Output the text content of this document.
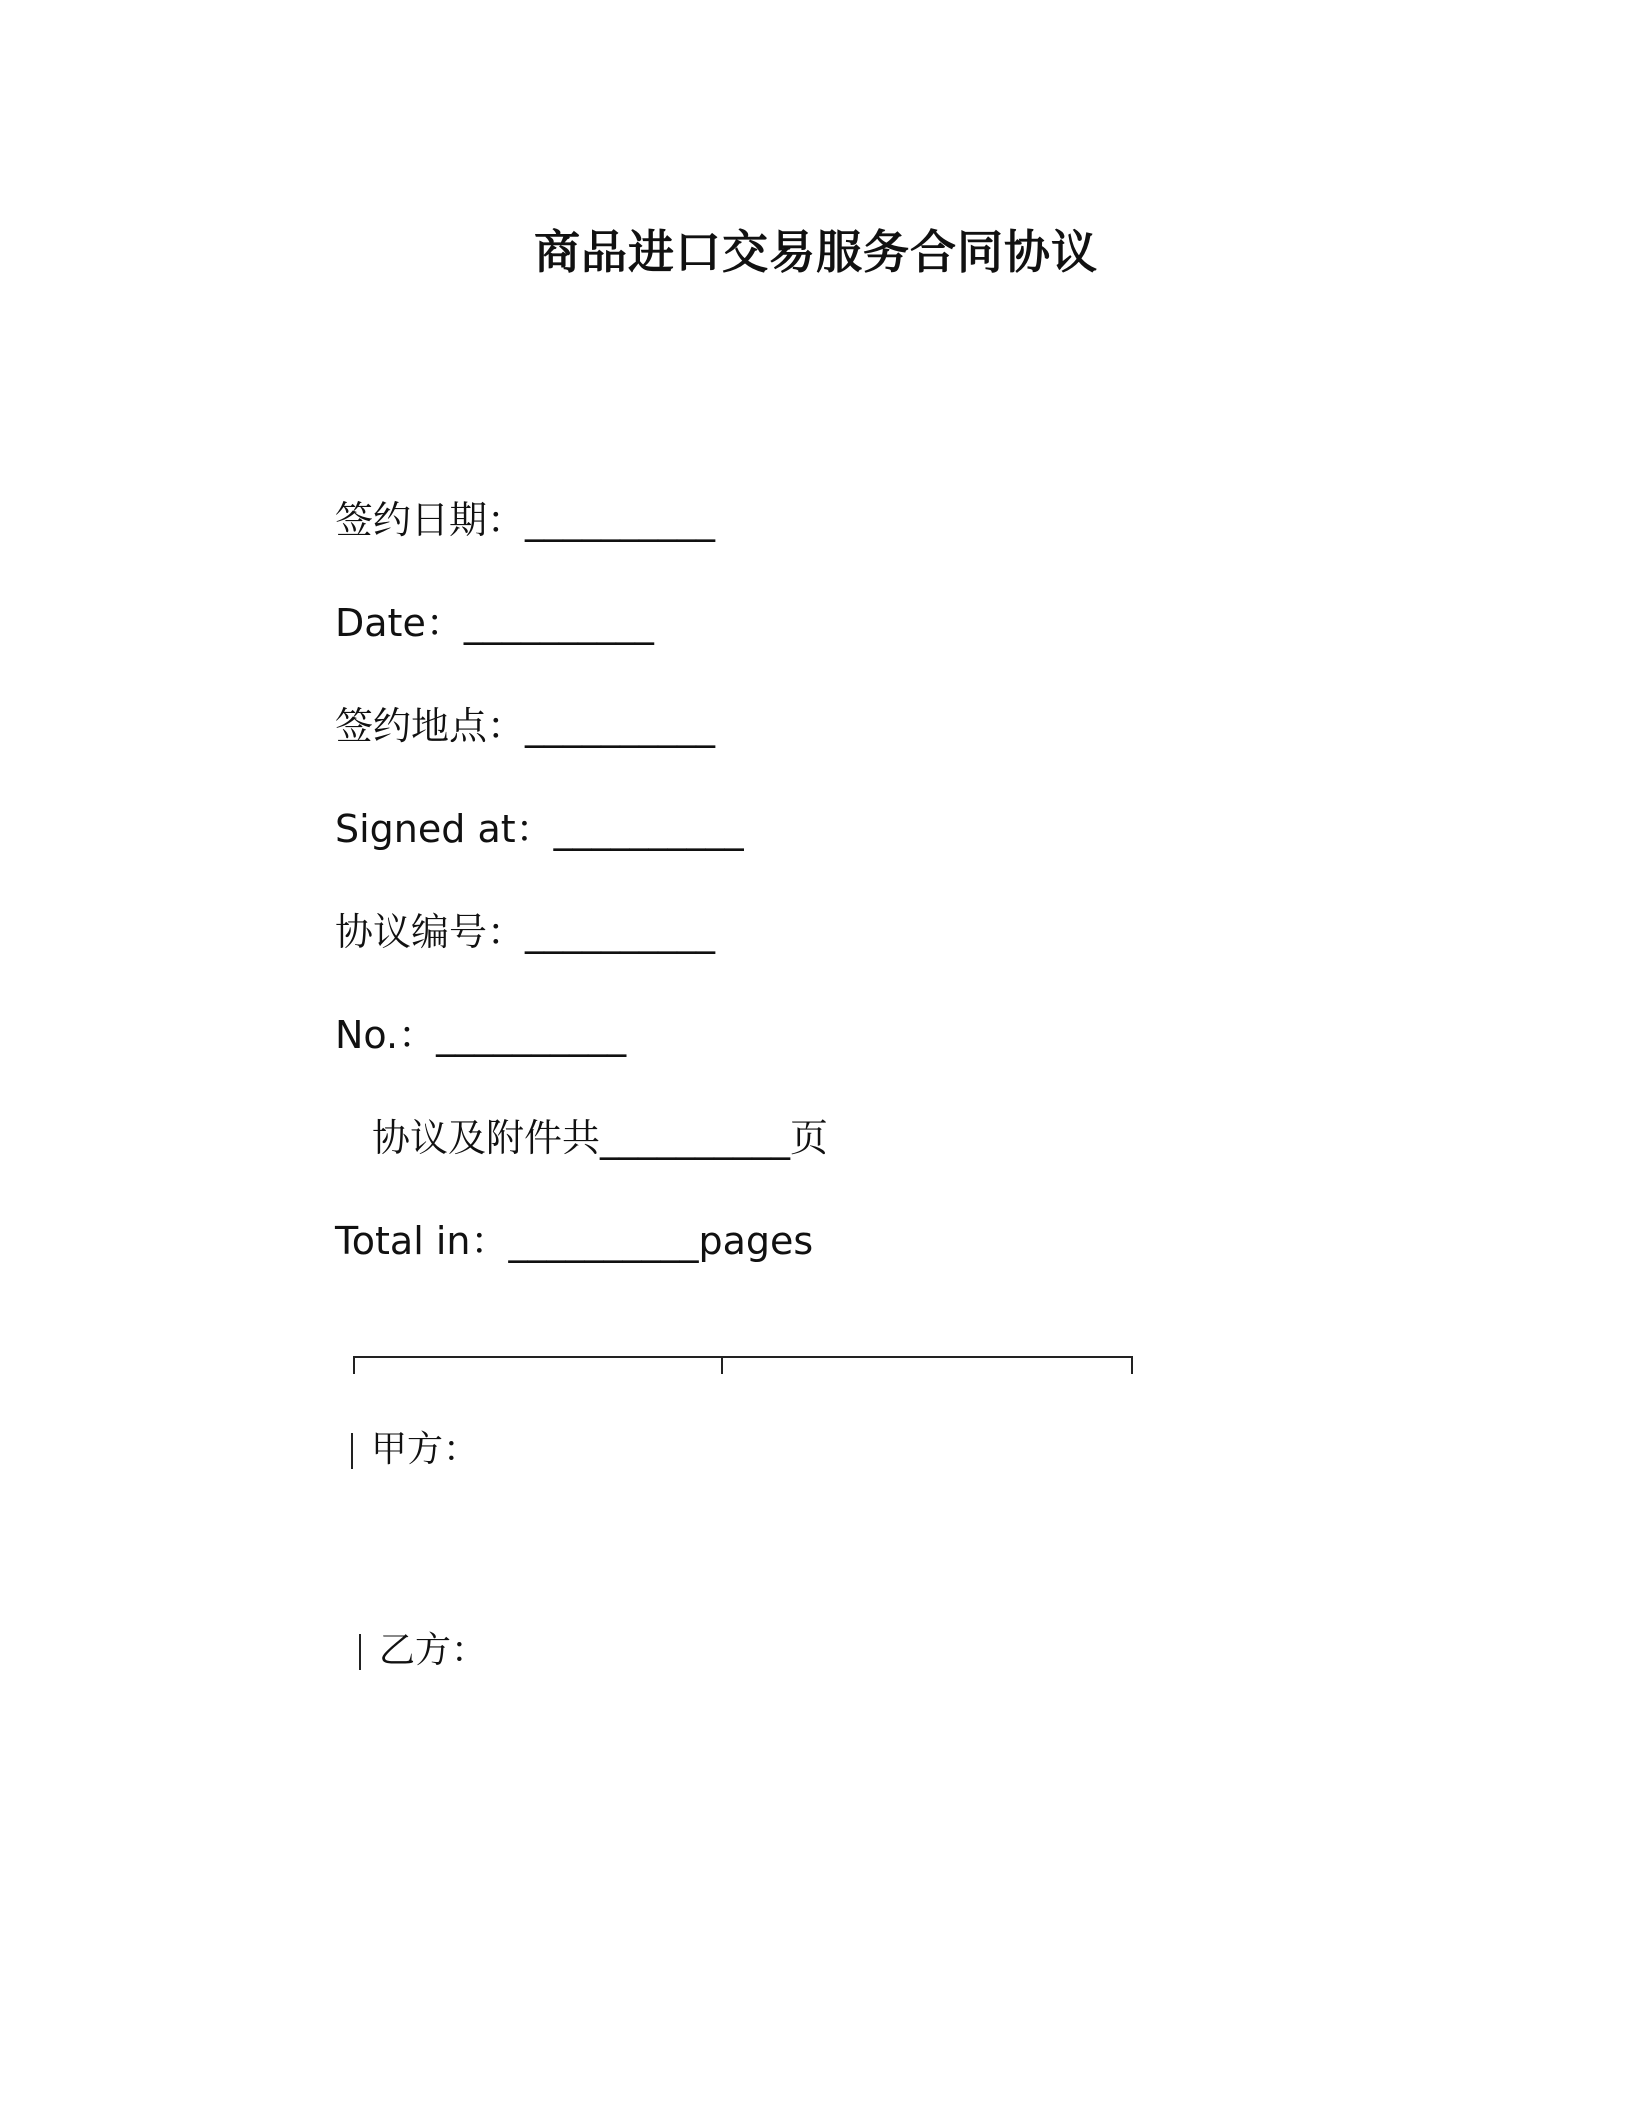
商品进口交易服务合同协议
签约日期：__________
Date：__________
签约地点：__________
Signed at：__________
协议编号：__________
No.：__________
协议及附件共__________页
Total in：__________pages
甲方：
乙方：
